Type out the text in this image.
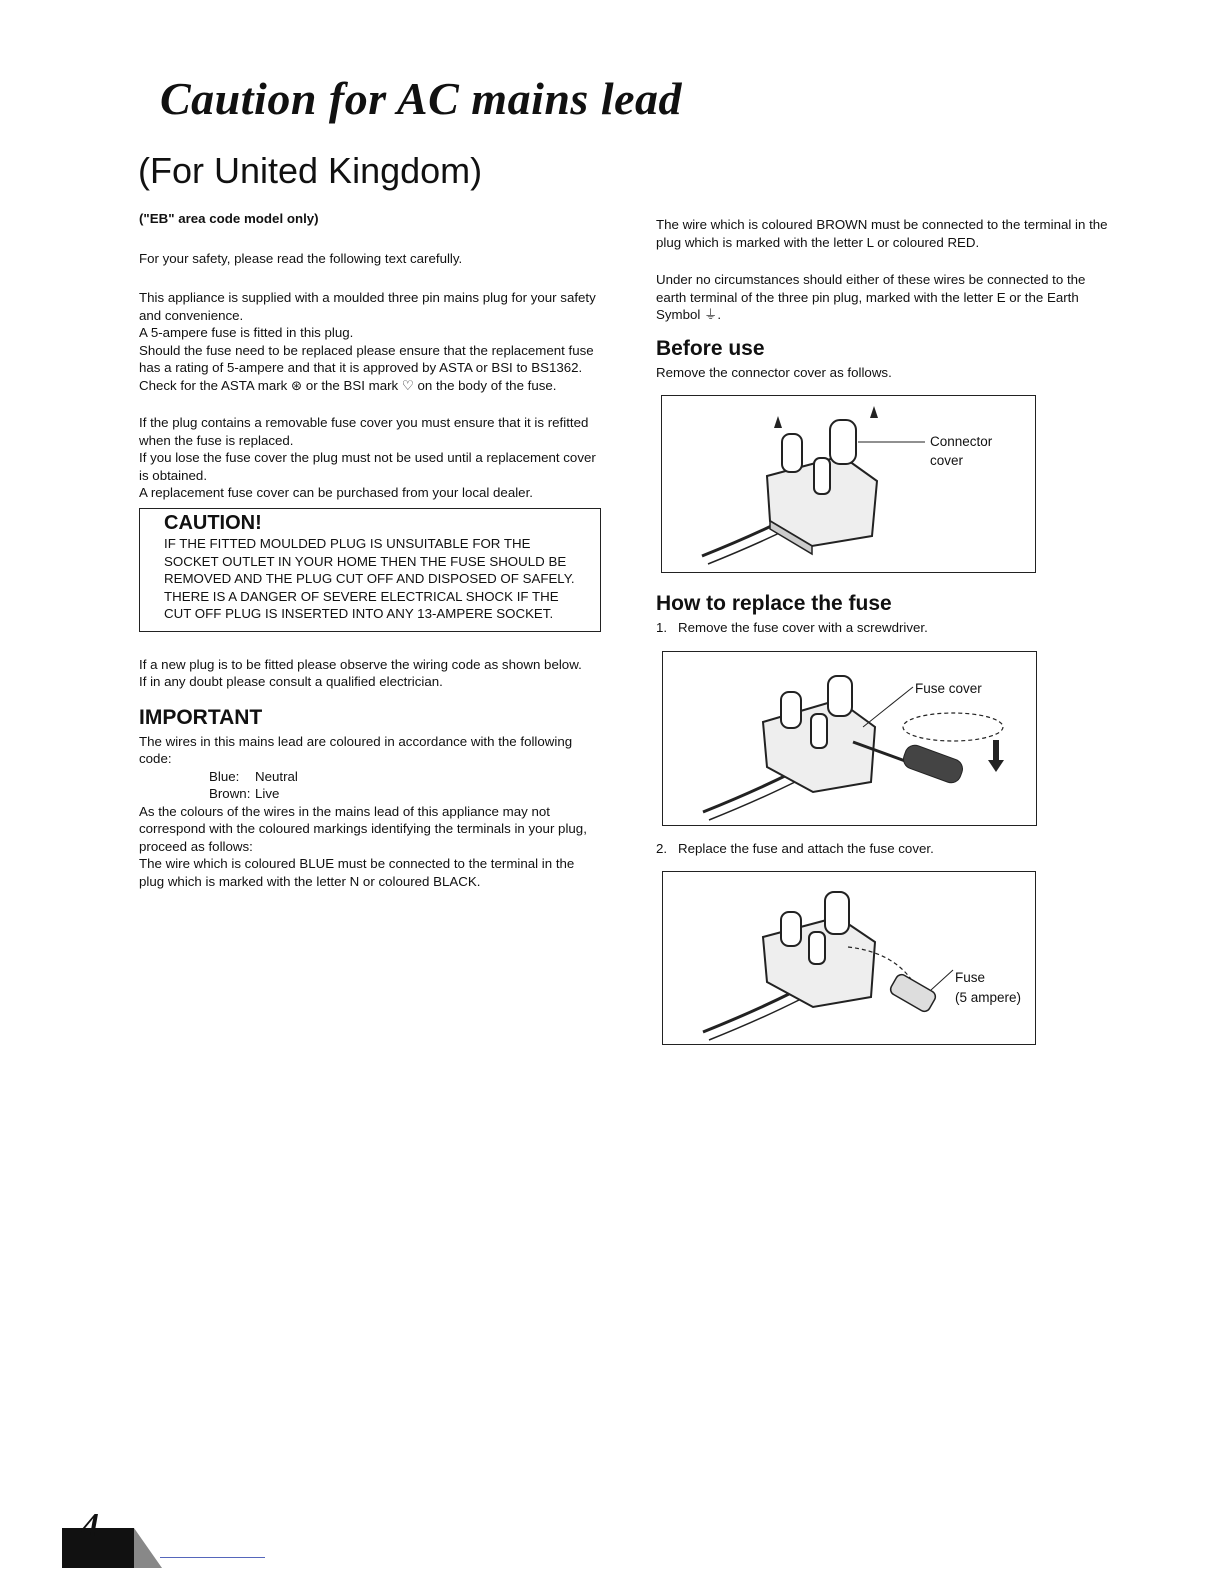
Caution for AC mains lead
(For United Kingdom)

("EB" area code model only)

For your safety, please read the following text carefully.

This appliance is supplied with a moulded three pin mains plug for your safety and convenience.

A 5-ampere fuse is fitted in this plug.

Should the fuse need to be replaced please ensure that the replacement fuse has a rating of 5-ampere and that it is approved by ASTA or BSI to BS1362.

Check for the ASTA mark ⊛ or the BSI mark ♡ on the body of the fuse.

If the plug contains a removable fuse cover you must ensure that it is refitted when the fuse is replaced.

If you lose the fuse cover the plug must not be used until a replacement cover is obtained.

A replacement fuse cover can be purchased from your local dealer.

CAUTION!
IF THE FITTED MOULDED PLUG IS UNSUITABLE FOR THE SOCKET OUTLET IN YOUR HOME THEN THE FUSE SHOULD BE REMOVED AND THE PLUG CUT OFF AND DISPOSED OF SAFELY.
THERE IS A DANGER OF SEVERE ELECTRICAL SHOCK IF THE CUT OFF PLUG IS INSERTED INTO ANY 13-AMPERE SOCKET.

If a new plug is to be fitted please observe the wiring code as shown below.

If in any doubt please consult a qualified electrician.

IMPORTANT

The wires in this mains lead are coloured in accordance with the following code:

Blue:	Neutral
Brown: Live

As the colours of the wires in the mains lead of this appliance may not correspond with the coloured markings identifying the terminals in your plug, proceed as follows:

The wire which is coloured BLUE must be connected to the terminal in the plug which is marked with the letter N or coloured BLACK.

The wire which is coloured BROWN must be connected to the terminal in the plug which is marked with the letter L or coloured RED.

Under no circumstances should either of these wires be connected to the earth terminal of the three pin plug, marked with the letter E or the Earth Symbol ⏚.

Before use

Remove the connector cover as follows.

Connector
cover
How to replace the fuse
1. Remove the fuse cover with a screwdriver.
Fuse cover
2. Replace the fuse and attach the fuse cover.
Fuse
(5 ampere)
4
